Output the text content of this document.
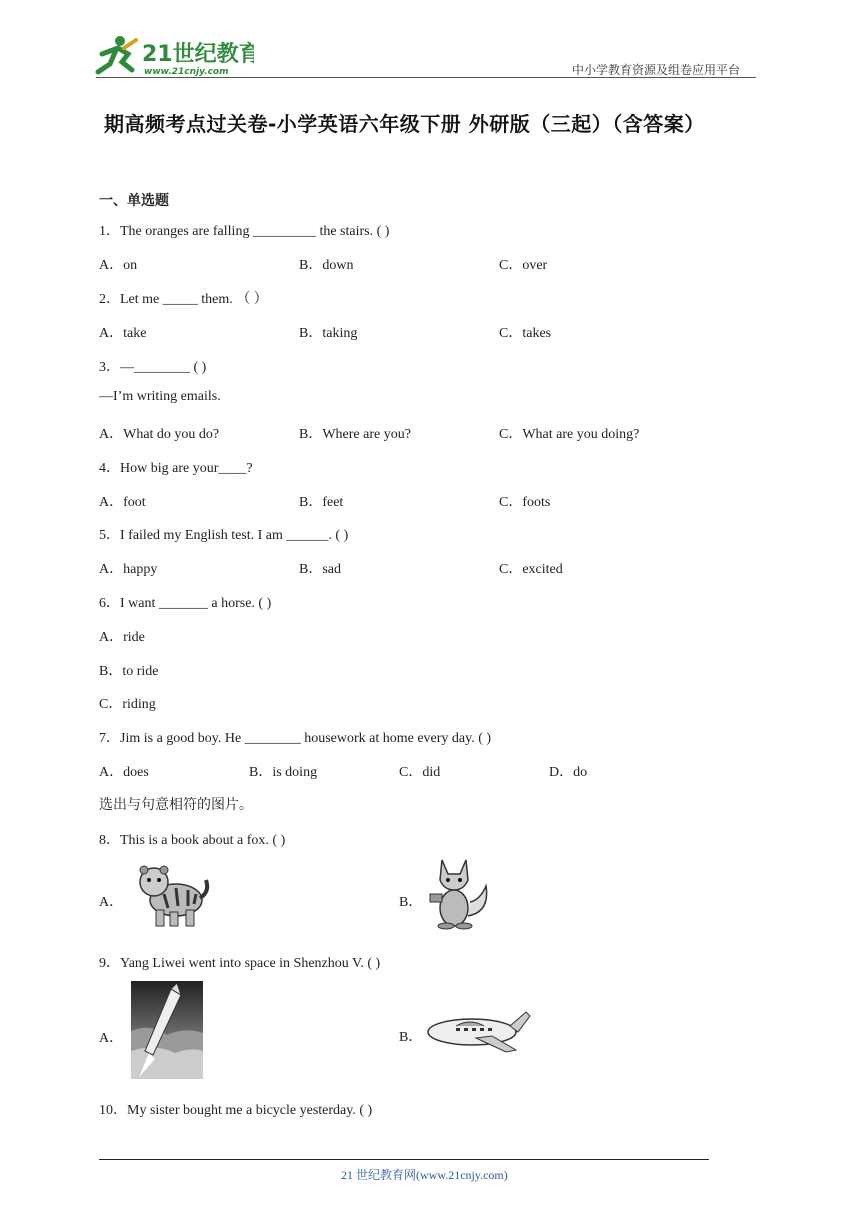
21世纪教育
www.21cnjy.com	中小学教育资源及组卷应用平台
期高频考点过关卷-小学英语六年级下册 外研版（三起）（含答案）
一、单选题
1．The oranges are falling _________ the stairs. ( )
A．on	B．down	C．over
2．Let me _____ them. （ ）
A．take	B．taking	C．takes
3．—________ ( )
—I’m writing emails.
A．What do you do?	B．Where are you?	C．What are you doing?
4．How big are your____?
A．foot	B．feet	C．foots
5．I failed my English test. I am ______. ( )
A．happy	B．sad	C．excited
6．I want _______ a horse. ( )
A．ride
B．to ride
C．riding
7．Jim is a good boy. He ________ housework at home every day. ( )
A．does	B．is doing	C．did	D．do
选出与句意相符的图片。
8．This is a book about a fox. ( )
A．	B．
9．Yang Liwei went into space in Shenzhou V. ( )
A．	B．
10．My sister bought me a bicycle yesterday. ( )
21 世纪教育网(www.21cnjy.com)
